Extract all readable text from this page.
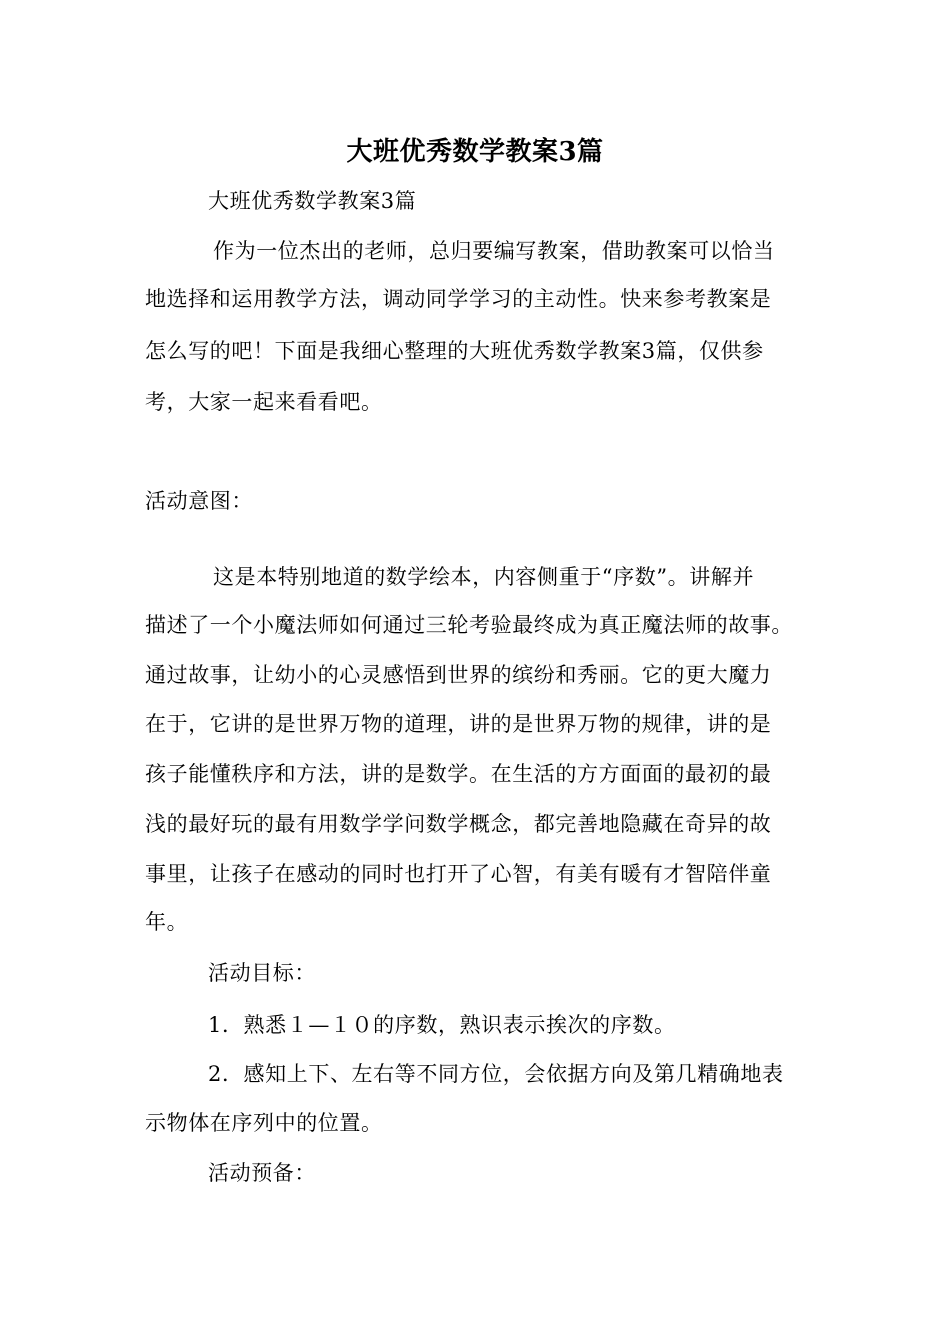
大班优秀数学教案3篇
大班优秀数学教案3篇
作为一位杰出的老师，总归要编写教案，借助教案可以恰当
地选择和运用教学方法，调动同学学习的主动性。快来参考教案是
怎么写的吧！下面是我细心整理的大班优秀数学教案3篇，仅供参
考，大家一起来看看吧。
活动意图：
这是本特别地道的数学绘本，内容侧重于“序数”。讲解并
描述了一个小魔法师如何通过三轮考验最终成为真正魔法师的故事。
通过故事，让幼小的心灵感悟到世界的缤纷和秀丽。它的更大魔力
在于，它讲的是世界万物的道理，讲的是世界万物的规律，讲的是
孩子能懂秩序和方法，讲的是数学。在生活的方方面面的最初的最
浅的最好玩的最有用数学学问数学概念，都完善地隐藏在奇异的故
事里，让孩子在感动的同时也打开了心智，有美有暖有才智陪伴童
年。
活动目标：
1．熟悉１—１０的序数，熟识表示挨次的序数。
2．感知上下、左右等不同方位，会依据方向及第几精确地表
示物体在序列中的位置。
活动预备：
